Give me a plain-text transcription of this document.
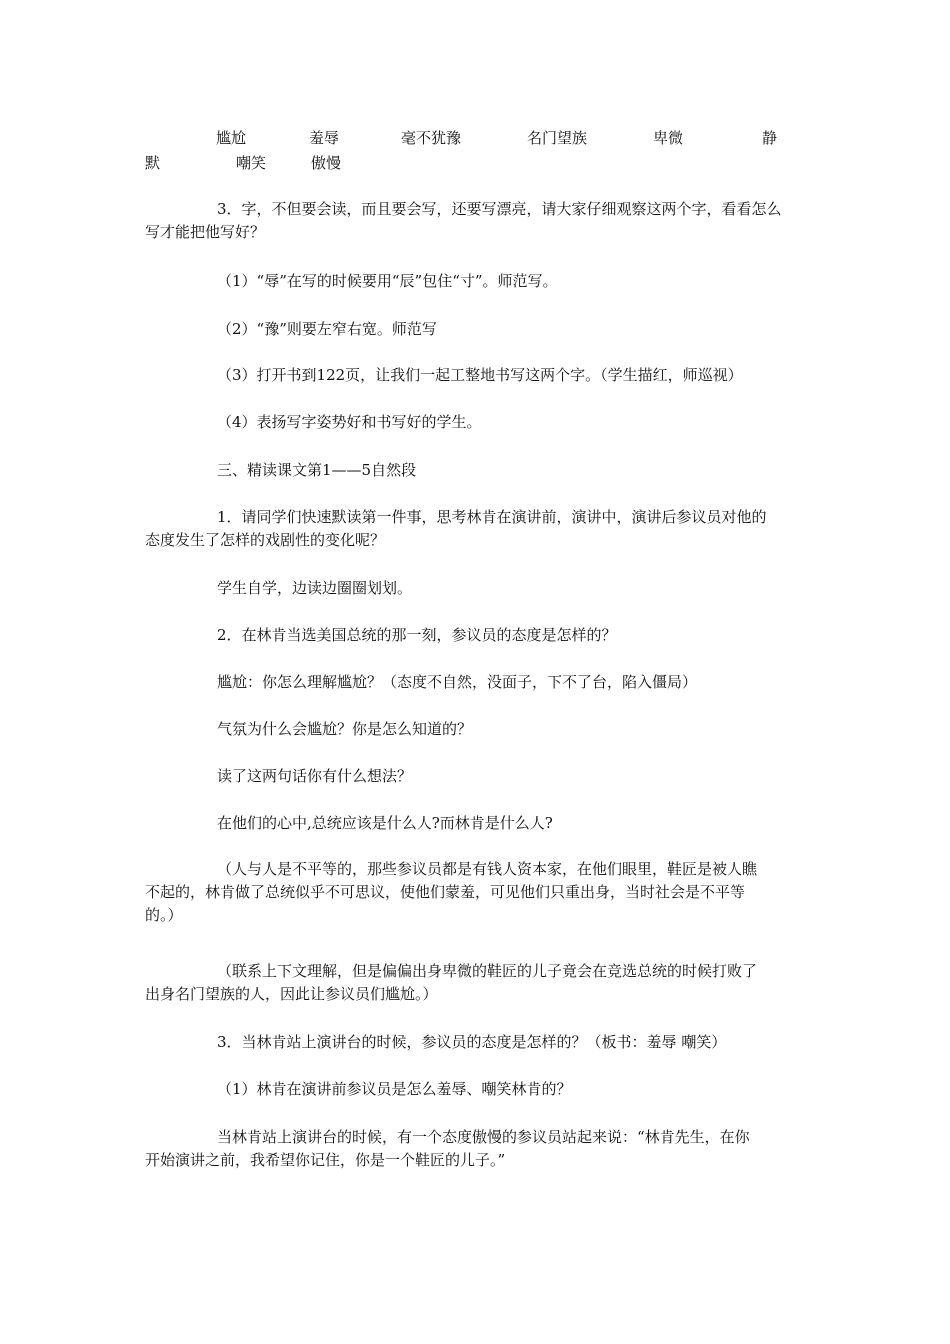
尴尬	羞辱	毫不犹豫	名门望族	卑微	静
默	嘲笑	傲慢
3．字，不但要会读，而且要会写，还要写漂亮，请大家仔细观察这两个字，看看怎么
写才能把他写好？
（1）“辱”在写的时候要用“辰”包住“寸”。师范写。
（2）“豫”则要左窄右宽。师范写
（3）打开书到122页，让我们一起工整地书写这两个字。（学生描红，师巡视）
（4）表扬写字姿势好和书写好的学生。
三、精读课文第1——5自然段
1．请同学们快速默读第一件事，思考林肯在演讲前，演讲中，演讲后参议员对他的
态度发生了怎样的戏剧性的变化呢？
学生自学，边读边圈圈划划。
2．在林肯当选美国总统的那一刻，参议员的态度是怎样的？
尴尬：你怎么理解尴尬？（态度不自然，没面子，下不了台，陷入僵局）
气氛为什么会尴尬？你是怎么知道的？
读了这两句话你有什么想法？
在他们的心中,总统应该是什么人?而林肯是什么人?
（人与人是不平等的，那些参议员都是有钱人资本家，在他们眼里，鞋匠是被人瞧
不起的，林肯做了总统似乎不可思议，使他们蒙羞，可见他们只重出身，当时社会是不平等
的。）
（联系上下文理解，但是偏偏出身卑微的鞋匠的儿子竟会在竞选总统的时候打败了
出身名门望族的人，因此让参议员们尴尬。）
3．当林肯站上演讲台的时候，参议员的态度是怎样的？（板书：羞辱 嘲笑）
（1）林肯在演讲前参议员是怎么羞辱、嘲笑林肯的？
当林肯站上演讲台的时候，有一个态度傲慢的参议员站起来说：“林肯先生，在你
开始演讲之前，我希望你记住，你是一个鞋匠的儿子。”
